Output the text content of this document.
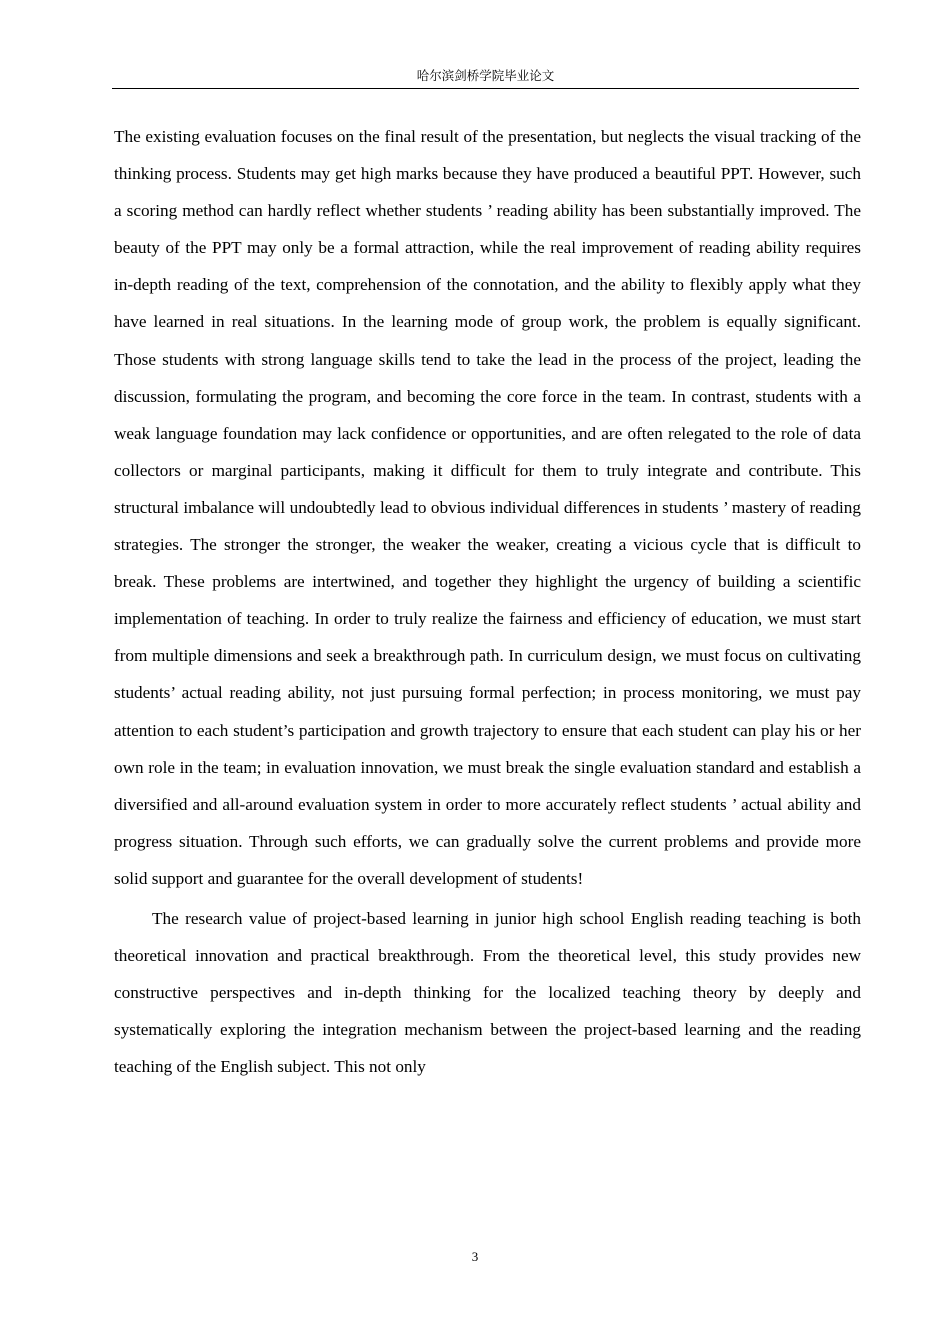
哈尔滨剑桥学院毕业论文

The existing evaluation focuses on the final result of the presentation, but neglects the visual tracking of the thinking process. Students may get high marks because they have produced a beautiful PPT. However, such a scoring method can hardly reflect whether students ’ reading ability has been substantially improved. The beauty of the PPT may only be a formal attraction, while the real improvement of reading ability requires in-depth reading of the text, comprehension of the connotation, and the ability to flexibly apply what they have learned in real situations. In the learning mode of group work, the problem is equally significant. Those students with strong language skills tend to take the lead in the process of the project, leading the discussion, formulating the program, and becoming the core force in the team. In contrast, students with a weak language foundation may lack confidence or opportunities, and are often relegated to the role of data collectors or marginal participants, making it difficult for them to truly integrate and contribute. This structural imbalance will undoubtedly lead to obvious individual differences in students ’ mastery of reading strategies. The stronger the stronger, the weaker the weaker, creating a vicious cycle that is difficult to break. These problems are intertwined, and together they highlight the urgency of building a scientific implementation of teaching. In order to truly realize the fairness and efficiency of education, we must start from multiple dimensions and seek a breakthrough path. In curriculum design, we must focus on cultivating students’ actual reading ability, not just pursuing formal perfection; in process monitoring, we must pay attention to each student’s participation and growth trajectory to ensure that each student can play his or her own role in the team; in evaluation innovation, we must break the single evaluation standard and establish a diversified and all-around evaluation system in order to more accurately reflect students ’ actual ability and progress situation. Through such efforts, we can gradually solve the current problems and provide more solid support and guarantee for the overall development of students!

The research value of project-based learning in junior high school English reading teaching is both theoretical innovation and practical breakthrough. From the theoretical level, this study provides new constructive perspectives and in-depth thinking for the localized teaching theory by deeply and systematically exploring the integration mechanism between the project-based learning and the reading teaching of the English subject. This not only

3
